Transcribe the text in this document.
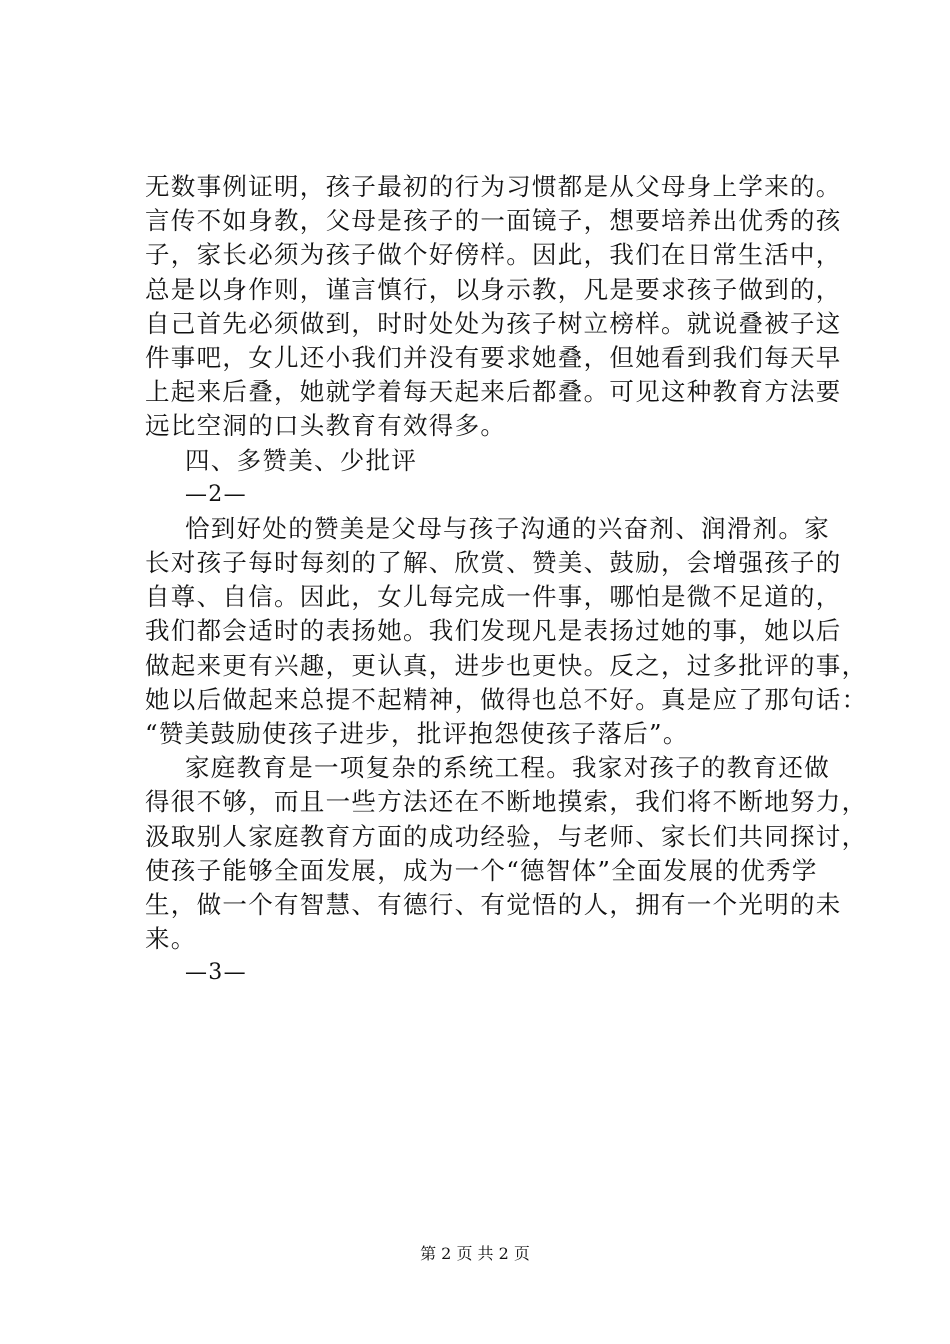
无数事例证明，孩子最初的行为习惯都是从父母身上学来的。
言传不如身教，父母是孩子的一面镜子，想要培养出优秀的孩
子，家长必须为孩子做个好傍样。因此，我们在日常生活中，
总是以身作则，谨言慎行，以身示教，凡是要求孩子做到的，
自己首先必须做到，时时处处为孩子树立榜样。就说叠被子这
件事吧，女儿还小我们并没有要求她叠，但她看到我们每天早
上起来后叠，她就学着每天起来后都叠。可见这种教育方法要
远比空洞的口头教育有效得多。
四、多赞美、少批评
—2—
恰到好处的赞美是父母与孩子沟通的兴奋剂、润滑剂。家
长对孩子每时每刻的了解、欣赏、赞美、鼓励，会增强孩子的
自尊、自信。因此，女儿每完成一件事，哪怕是微不足道的，
我们都会适时的表扬她。我们发现凡是表扬过她的事，她以后
做起来更有兴趣，更认真，进步也更快。反之，过多批评的事，
她以后做起来总提不起精神，做得也总不好。真是应了那句话：
“赞美鼓励使孩子进步，批评抱怨使孩子落后”。
家庭教育是一项复杂的系统工程。我家对孩子的教育还做
得很不够，而且一些方法还在不断地摸索，我们将不断地努力，
汲取别人家庭教育方面的成功经验，与老师、家长们共同探讨，
使孩子能够全面发展，成为一个“德智体”全面发展的优秀学
生，做一个有智慧、有德行、有觉悟的人，拥有一个光明的未
来。
—3—
第 2 页 共 2 页
